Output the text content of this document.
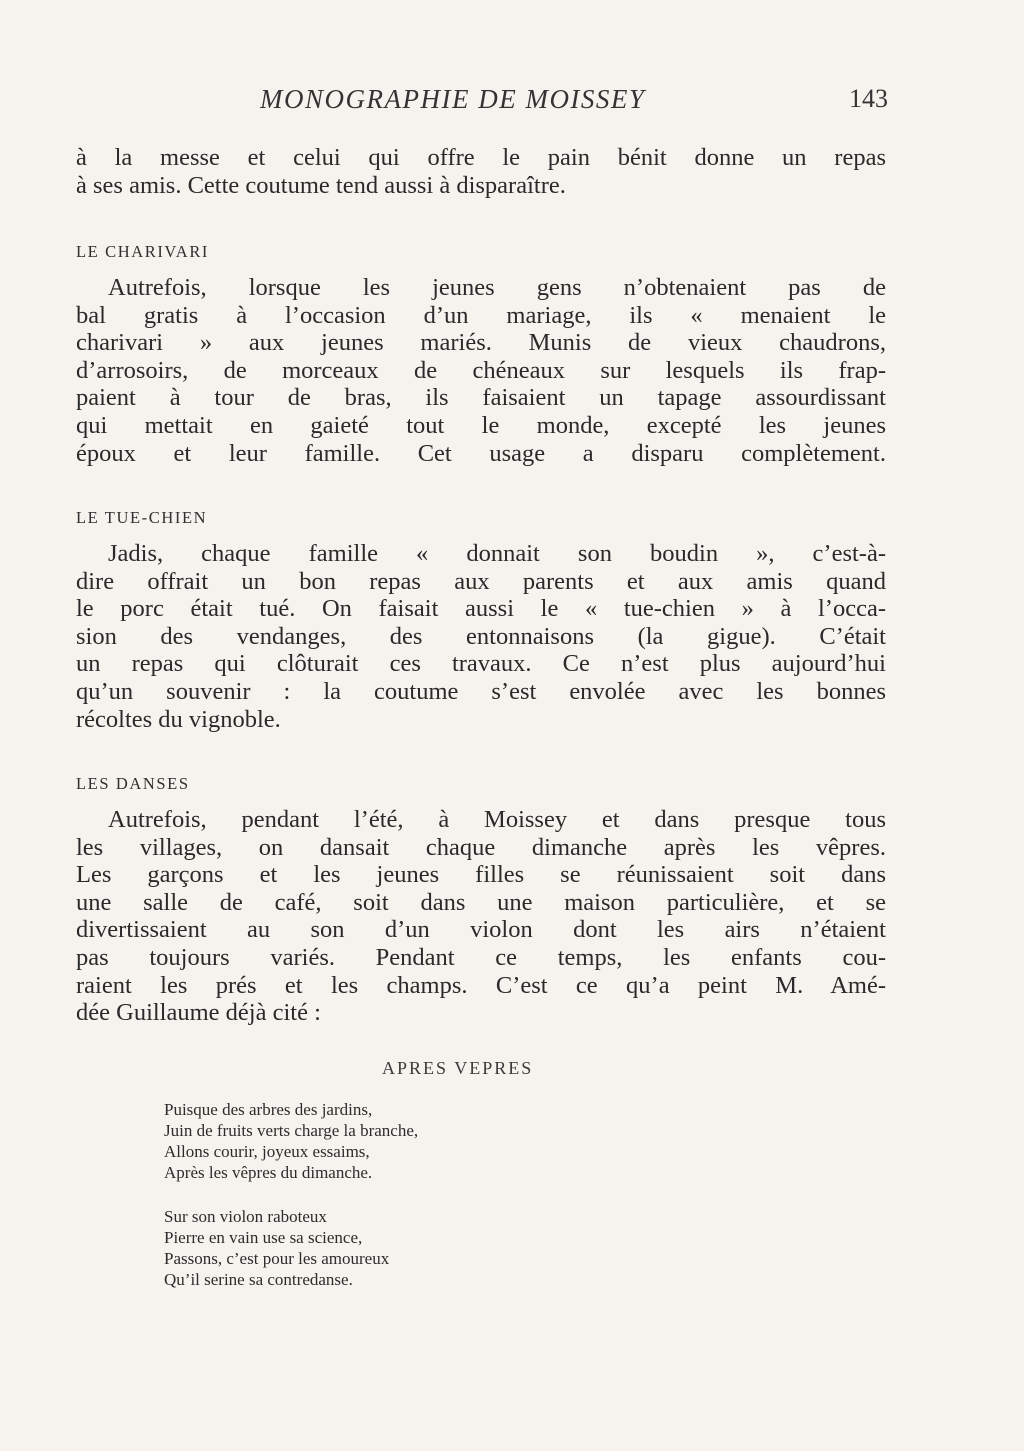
MONOGRAPHIE DE MOISSEY	143
à la messe et celui qui offre le pain bénit donne un repas
à ses amis. Cette coutume tend aussi à disparaître.
LE CHARIVARI
Autrefois, lorsque les jeunes gens n’obtenaient pas de
bal gratis à l’occasion d’un mariage, ils « menaient le
charivari » aux jeunes mariés. Munis de vieux chaudrons,
d’arrosoirs, de morceaux de chéneaux sur lesquels ils frap-
paient à tour de bras, ils faisaient un tapage assourdissant
qui mettait en gaieté tout le monde, excepté les jeunes
époux et leur famille. Cet usage a disparu complètement.
LE TUE-CHIEN
Jadis, chaque famille « donnait son boudin », c’est-à-
dire offrait un bon repas aux parents et aux amis quand
le porc était tué. On faisait aussi le « tue-chien » à l’occa-
sion des vendanges, des entonnaisons (la gigue). C’était
un repas qui clôturait ces travaux. Ce n’est plus aujourd’hui
qu’un souvenir : la coutume s’est envolée avec les bonnes
récoltes du vignoble.
LES DANSES
Autrefois, pendant l’été, à Moissey et dans presque tous
les villages, on dansait chaque dimanche après les vêpres.
Les garçons et les jeunes filles se réunissaient soit dans
une salle de café, soit dans une maison particulière, et se
divertissaient au son d’un violon dont les airs n’étaient
pas toujours variés. Pendant ce temps, les enfants cou-
raient les prés et les champs. C’est ce qu’a peint M. Amé-
dée Guillaume déjà cité :
APRES VEPRES
Puisque des arbres des jardins,
Juin de fruits verts charge la branche,
Allons courir, joyeux essaims,
Après les vêpres du dimanche.
Sur son violon raboteux
Pierre en vain use sa science,
Passons, c’est pour les amoureux
Qu’il serine sa contredanse.
